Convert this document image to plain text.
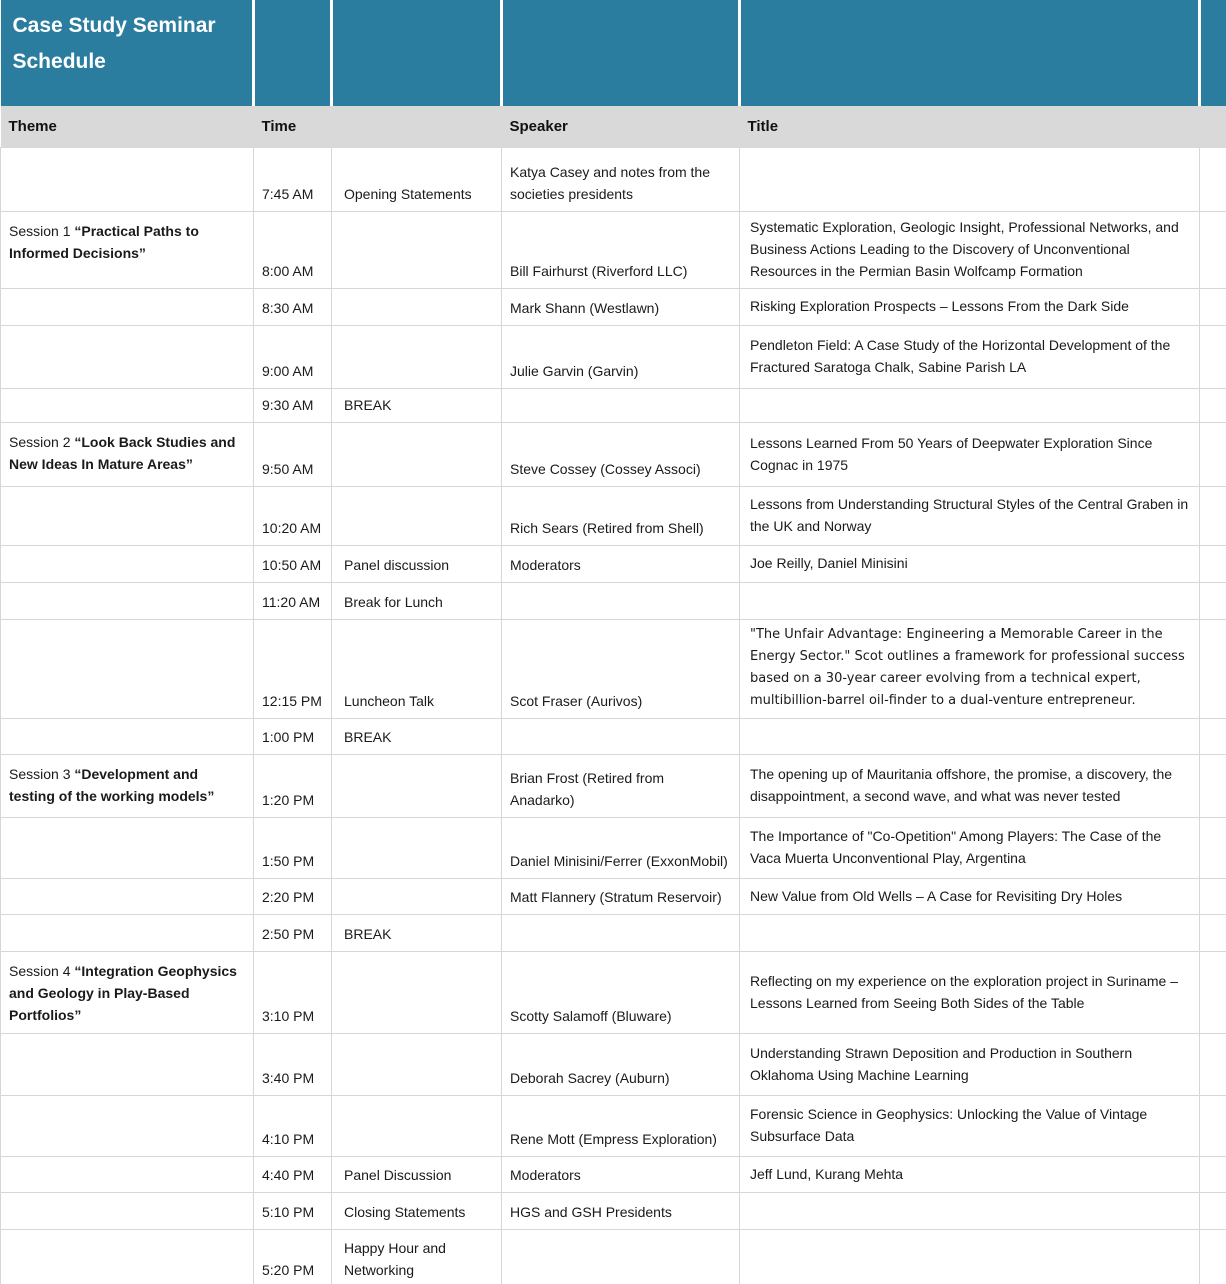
Case Study Seminar Schedule					

Theme	Time		Speaker	Title	
	7:45 AM	Opening Statements	Katya Casey and notes from the societies presidents		
Session 1 “Practical Paths to Informed Decisions”	8:00 AM		Bill Fairhurst (Riverford LLC)	Systematic Exploration, Geologic Insight, Professional Networks, and Business Actions Leading to the Discovery of Unconventional Resources in the Permian Basin Wolfcamp Formation	
	8:30 AM		Mark Shann (Westlawn)	Risking Exploration Prospects – Lessons From the Dark Side	
	9:00 AM		Julie Garvin (Garvin)	Pendleton Field: A Case Study of the Horizontal Development of the Fractured Saratoga Chalk, Sabine Parish LA	
	9:30 AM	BREAK			
Session 2 “Look Back Studies and New Ideas In Mature Areas”	9:50 AM		Steve Cossey (Cossey Associ)	Lessons Learned From 50 Years of Deepwater Exploration Since Cognac in 1975	
	10:20 AM		Rich Sears (Retired from Shell)	Lessons from Understanding Structural Styles of the Central Graben in the UK and Norway	
	10:50 AM	Panel discussion	Moderators	Joe Reilly, Daniel Minisini	
	11:20 AM	Break for Lunch			
	12:15 PM	Luncheon Talk	Scot Fraser (Aurivos)	"The Unfair Advantage: Engineering a Memorable Career in the Energy Sector." Scot outlines a framework for professional success based on a 30-year career evolving from a technical expert, multibillion-barrel oil-finder to a dual-venture entrepreneur.	
	1:00 PM	BREAK			
Session 3 “Development and testing of the working models”	1:20 PM		Brian Frost (Retired from Anadarko)	The opening up of Mauritania offshore, the promise, a discovery, the disappointment, a second wave, and what was never tested	
	1:50 PM		Daniel Minisini/Ferrer (ExxonMobil)	The Importance of "Co-Opetition" Among Players: The Case of the Vaca Muerta Unconventional Play, Argentina	
	2:20 PM		Matt Flannery (Stratum Reservoir)	New Value from Old Wells – A Case for Revisiting Dry Holes	
	2:50 PM	BREAK			
Session 4 “Integration Geophysics and Geology in Play-Based Portfolios”	3:10 PM		Scotty Salamoff (Bluware)	Reflecting on my experience on the exploration project in Suriname – Lessons Learned from Seeing Both Sides of the Table	
	3:40 PM		Deborah Sacrey (Auburn)	Understanding Strawn Deposition and Production in Southern Oklahoma Using Machine Learning	
	4:10 PM		Rene Mott (Empress Exploration)	Forensic Science in Geophysics: Unlocking the Value of Vintage Subsurface Data	
	4:40 PM	Panel Discussion	Moderators	Jeff Lund, Kurang Mehta	
	5:10 PM	Closing Statements	HGS and GSH Presidents		
	5:20 PM	Happy Hour and Networking			
